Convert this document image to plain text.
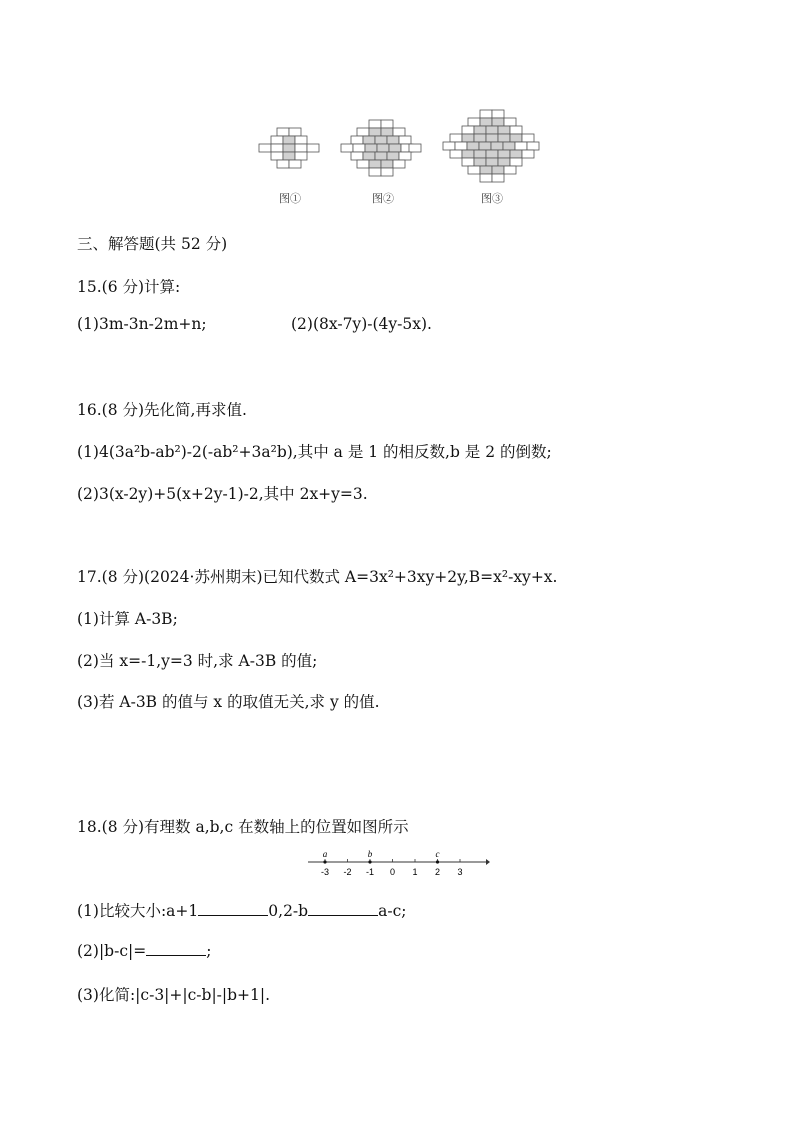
图①	图②	图③
三、解答题(共 52 分)
15.(6 分)计算:
(1)3m-3n-2m+n;	(2)(8x-7y)-(4y-5x).
16.(8 分)先化简,再求值.
(1)4(3a²b-ab²)-2(-ab²+3a²b),其中 a 是 1 的相反数,b 是 2 的倒数;
(2)3(x-2y)+5(x+2y-1)-2,其中 2x+y=3.
17.(8 分)(2024·苏州期末)已知代数式 A=3x²+3xy+2y,B=x²-xy+x.
(1)计算 A-3B;
(2)当 x=-1,y=3 时,求 A-3B 的值;
(3)若 A-3B 的值与 x 的取值无关,求 y 的值.
18.(8 分)有理数 a,b,c 在数轴上的位置如图所示
-3 -2 -1 0 1 2 3
a	b	c
(1)比较大小:a+1	0,2-b	a-c;
(2)|b-c|=	;
(3)化简:|c-3|+|c-b|-|b+1|.
